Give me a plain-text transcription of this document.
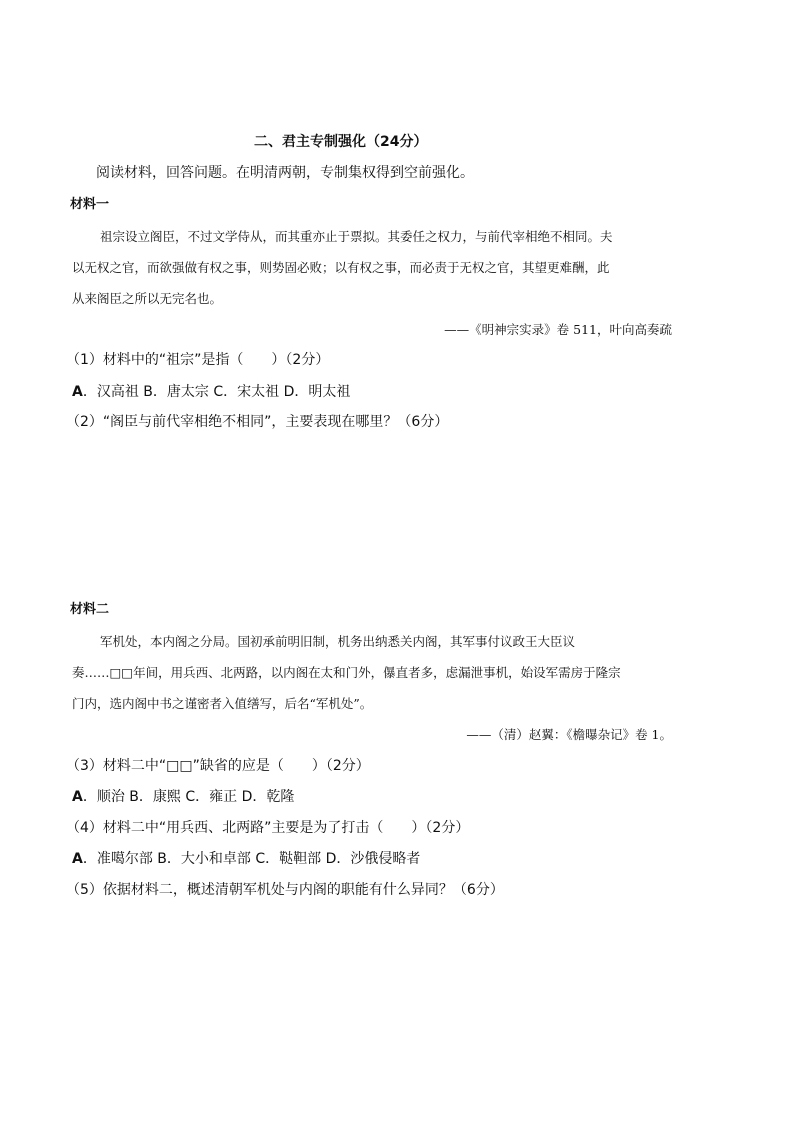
二、君主专制强化（24分）
阅读材料，回答问题。在明清两朝，专制集权得到空前强化。
材料一
祖宗设立阁臣，不过文学侍从，而其重亦止于票拟。其委任之权力，与前代宰相绝不相同。夫
以无权之官，而欲强做有权之事，则势固必败；以有权之事，而必责于无权之官，其望更难酬，此
从来阁臣之所以无完名也。
——《明神宗实录》卷 511，叶向高奏疏
（1）材料中的“祖宗”是指（　　）（2分）
A．汉高祖 B．唐太宗 C．宋太祖 D．明太祖
（2）“阁臣与前代宰相绝不相同”，主要表现在哪里？（6分）
材料二
军机处，本内阁之分局。国初承前明旧制，机务出纳悉关内阁，其军事付议政王大臣议
奏……□□年间，用兵西、北两路，以内阁在太和门外，儤直者多，虑漏泄事机，始设军需房于隆宗
门内，选内阁中书之谨密者入值缮写，后名“军机处”。
——（清）赵翼：《檐曝杂记》卷 1。
（3）材料二中“□□”缺省的应是（　　）（2分）
A．顺治 B．康熙 C．雍正 D．乾隆
（4）材料二中“用兵西、北两路”主要是为了打击（　　）（2分）
A．准噶尔部 B．大小和卓部 C．鞑靼部 D．沙俄侵略者
（5）依据材料二，概述清朝军机处与内阁的职能有什么异同？（6分）
